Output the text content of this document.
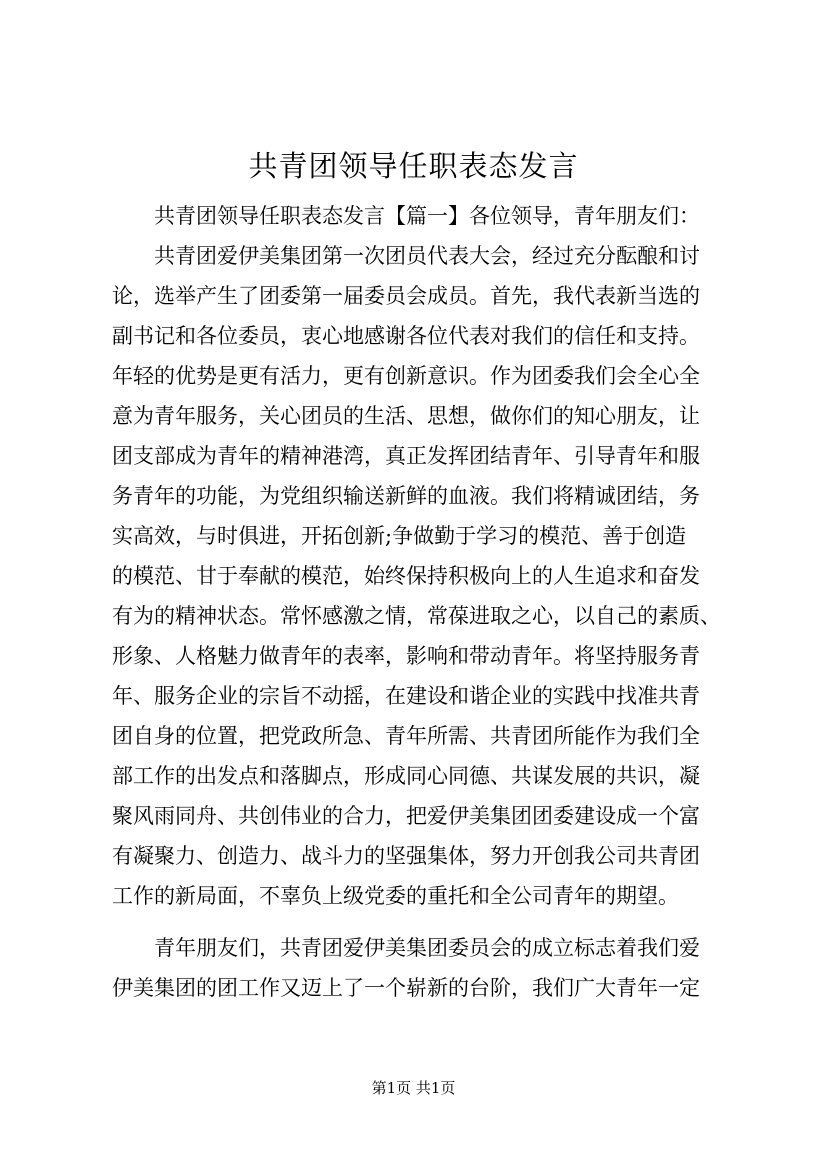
共青团领导任职表态发言
　　共青团领导任职表态发言【篇一】各位领导，青年朋友们：
　　共青团爱伊美集团第一次团员代表大会，经过充分酝酿和讨
论，选举产生了团委第一届委员会成员。首先，我代表新当选的
副书记和各位委员，衷心地感谢各位代表对我们的信任和支持。
年轻的优势是更有活力，更有创新意识。作为团委我们会全心全
意为青年服务，关心团员的生活、思想，做你们的知心朋友，让
团支部成为青年的精神港湾，真正发挥团结青年、引导青年和服
务青年的功能，为党组织输送新鲜的血液。我们将精诚团结，务
实高效，与时俱进，开拓创新;争做勤于学习的模范、善于创造
的模范、甘于奉献的模范，始终保持积极向上的人生追求和奋发
有为的精神状态。常怀感激之情，常葆进取之心，以自己的素质、
形象、人格魅力做青年的表率，影响和带动青年。将坚持服务青
年、服务企业的宗旨不动摇，在建设和谐企业的实践中找准共青
团自身的位置，把党政所急、青年所需、共青团所能作为我们全
部工作的出发点和落脚点，形成同心同德、共谋发展的共识，凝
聚风雨同舟、共创伟业的合力，把爱伊美集团团委建设成一个富
有凝聚力、创造力、战斗力的坚强集体，努力开创我公司共青团
工作的新局面，不辜负上级党委的重托和全公司青年的期望。
　　青年朋友们，共青团爱伊美集团委员会的成立标志着我们爱
伊美集团的团工作又迈上了一个崭新的台阶，我们广大青年一定
第1页 共1页
